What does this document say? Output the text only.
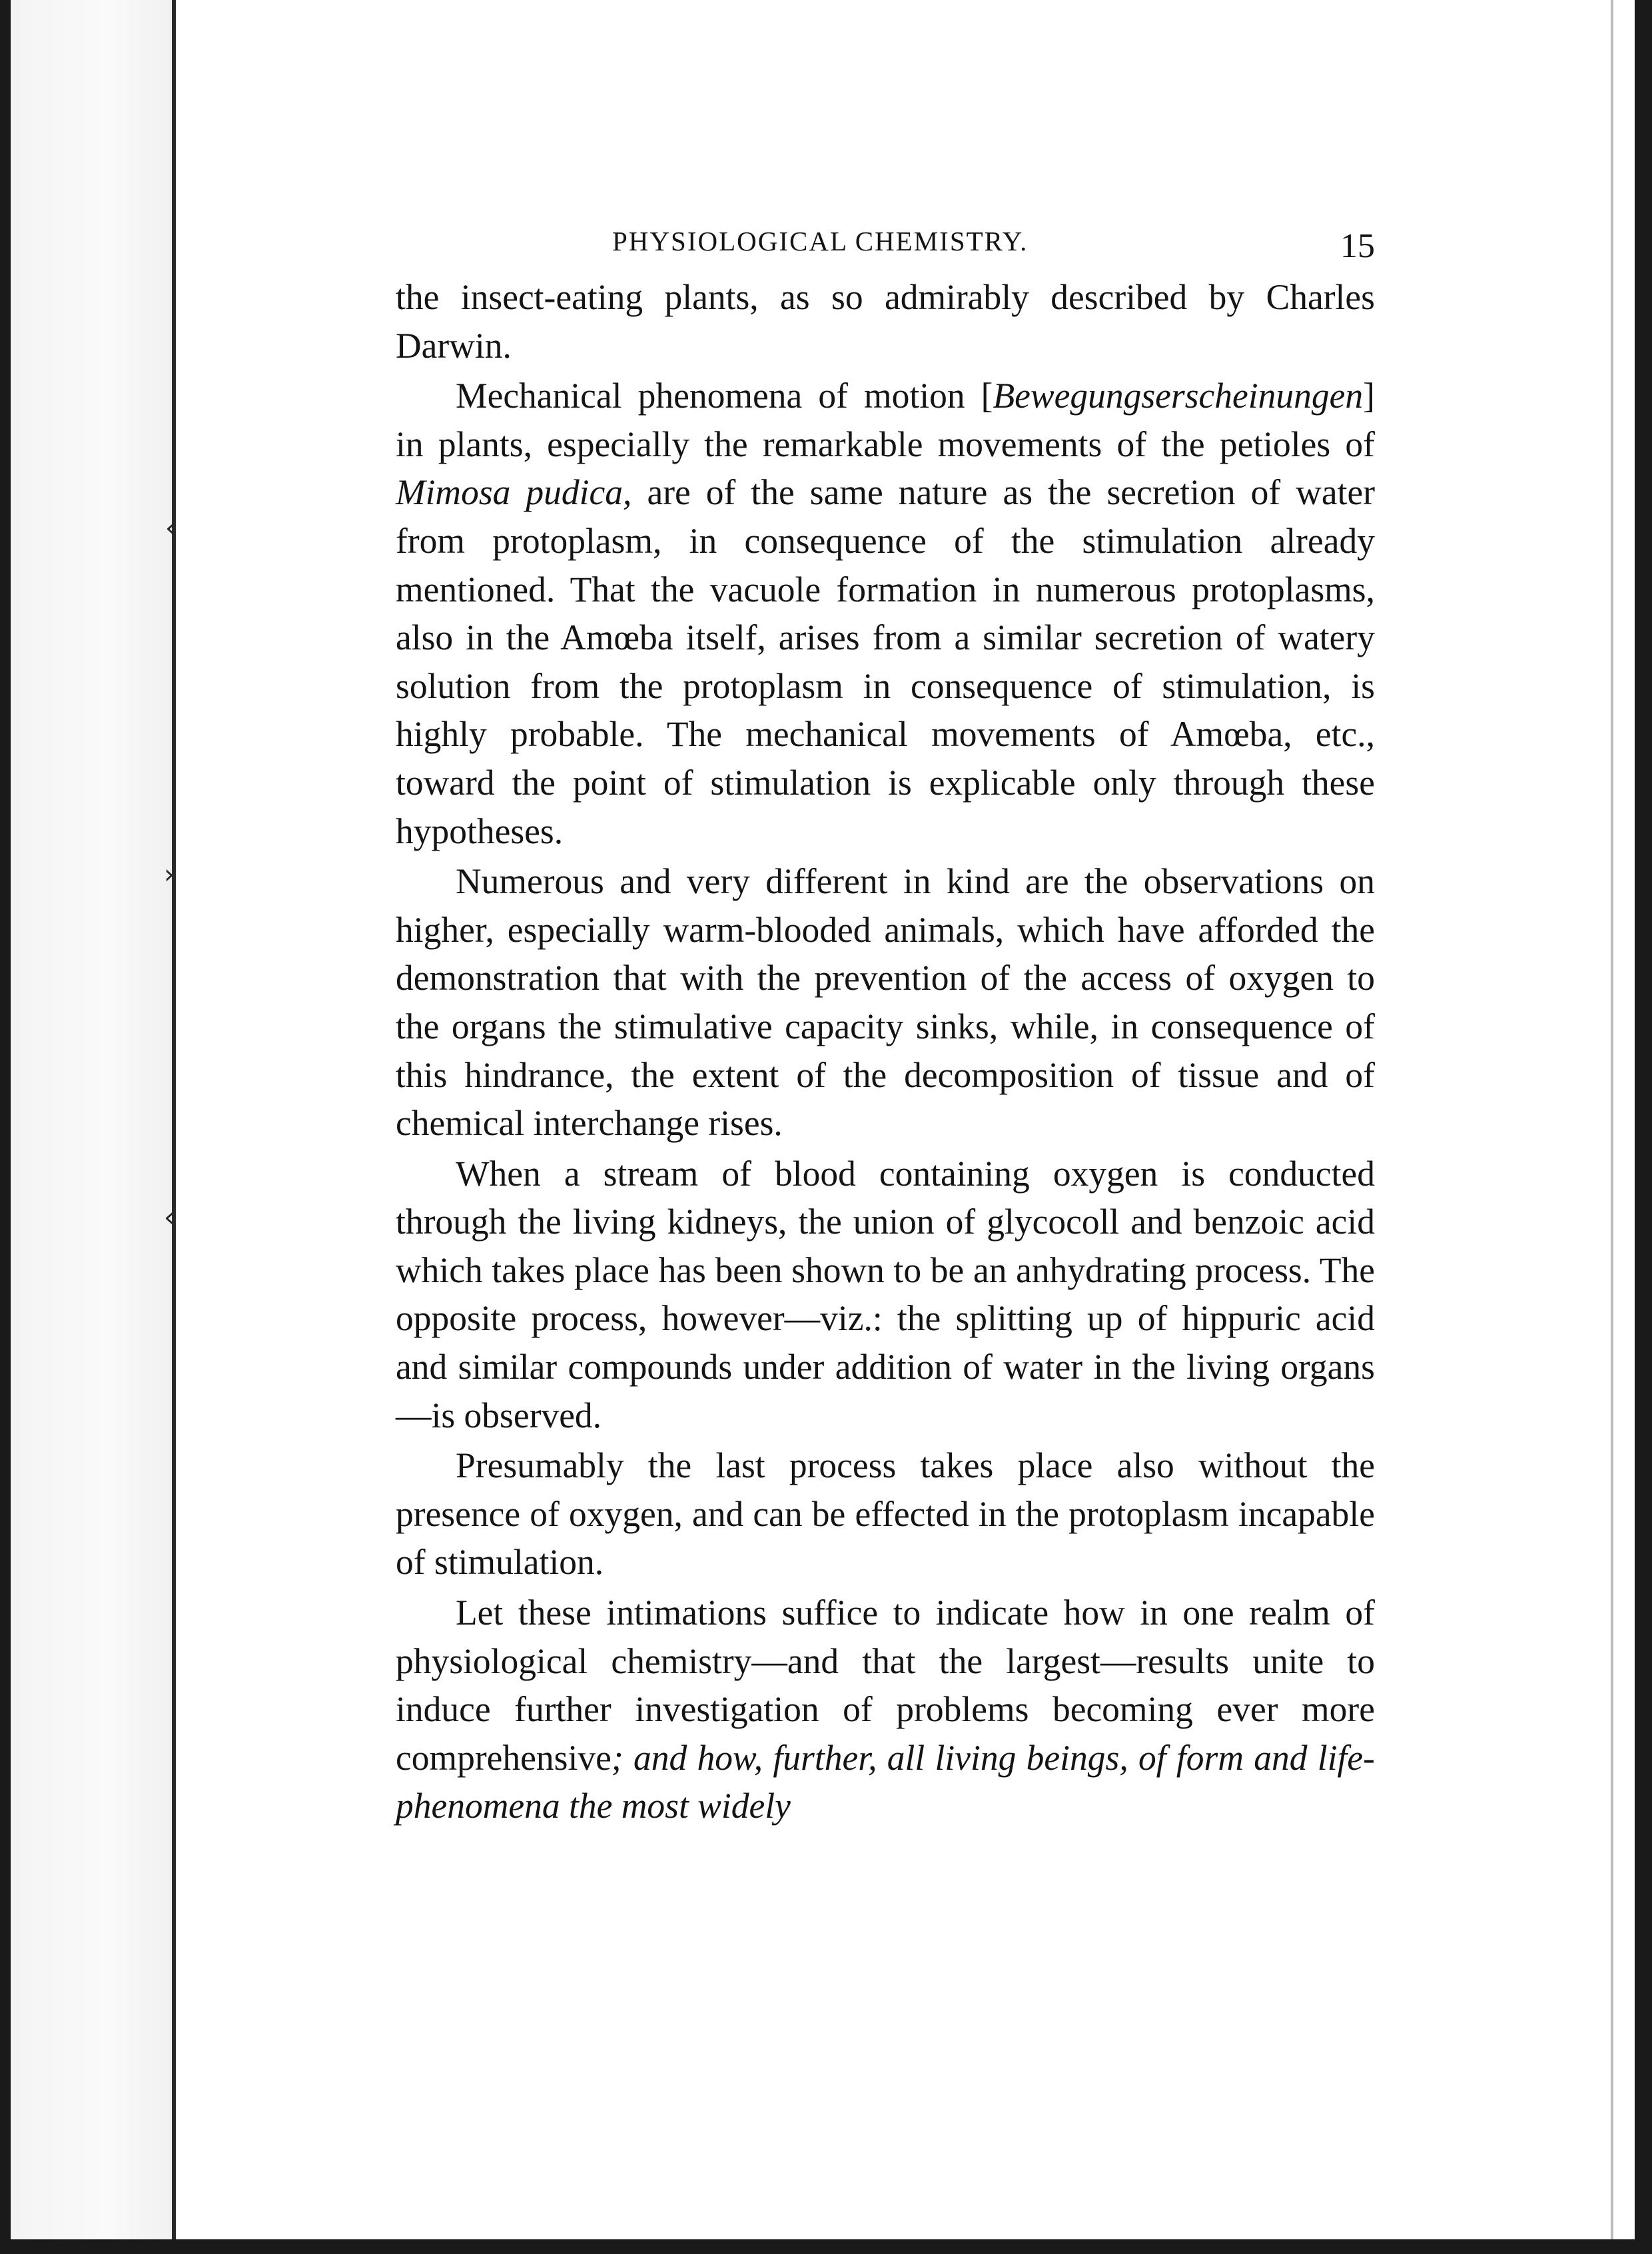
‹
›
‹
PHYSIOLOGICAL CHEMISTRY.	15

the insect-eating plants, as so admirably described by Charles Darwin.

Mechanical phenomena of motion [Bewegungserscheinungen] in plants, especially the remarkable movements of the petioles of Mimosa pudica, are of the same nature as the secretion of water from protoplasm, in consequence of the stimulation already mentioned. That the vacuole formation in numerous protoplasms, also in the Amœba itself, arises from a similar secretion of watery solution from the protoplasm in consequence of stimulation, is highly probable. The mechanical movements of Amœba, etc., toward the point of stimulation is explicable only through these hypotheses.

Numerous and very different in kind are the observations on higher, especially warm-blooded animals, which have afforded the demonstration that with the prevention of the access of oxygen to the organs the stimulative capacity sinks, while, in consequence of this hindrance, the extent of the decomposition of tissue and of chemical interchange rises.

When a stream of blood containing oxygen is conducted through the living kidneys, the union of glycocoll and benzoic acid which takes place has been shown to be an anhydrating process. The opposite process, however—viz.: the splitting up of hippuric acid and similar compounds under addition of water in the living organs—is observed.

Presumably the last process takes place also without the presence of oxygen, and can be effected in the protoplasm incapable of stimulation.

Let these intimations suffice to indicate how in one realm of physiological chemistry—and that the largest—results unite to induce further investigation of problems becoming ever more comprehensive; and how, further, all living beings, of form and life-phenomena the most widely
